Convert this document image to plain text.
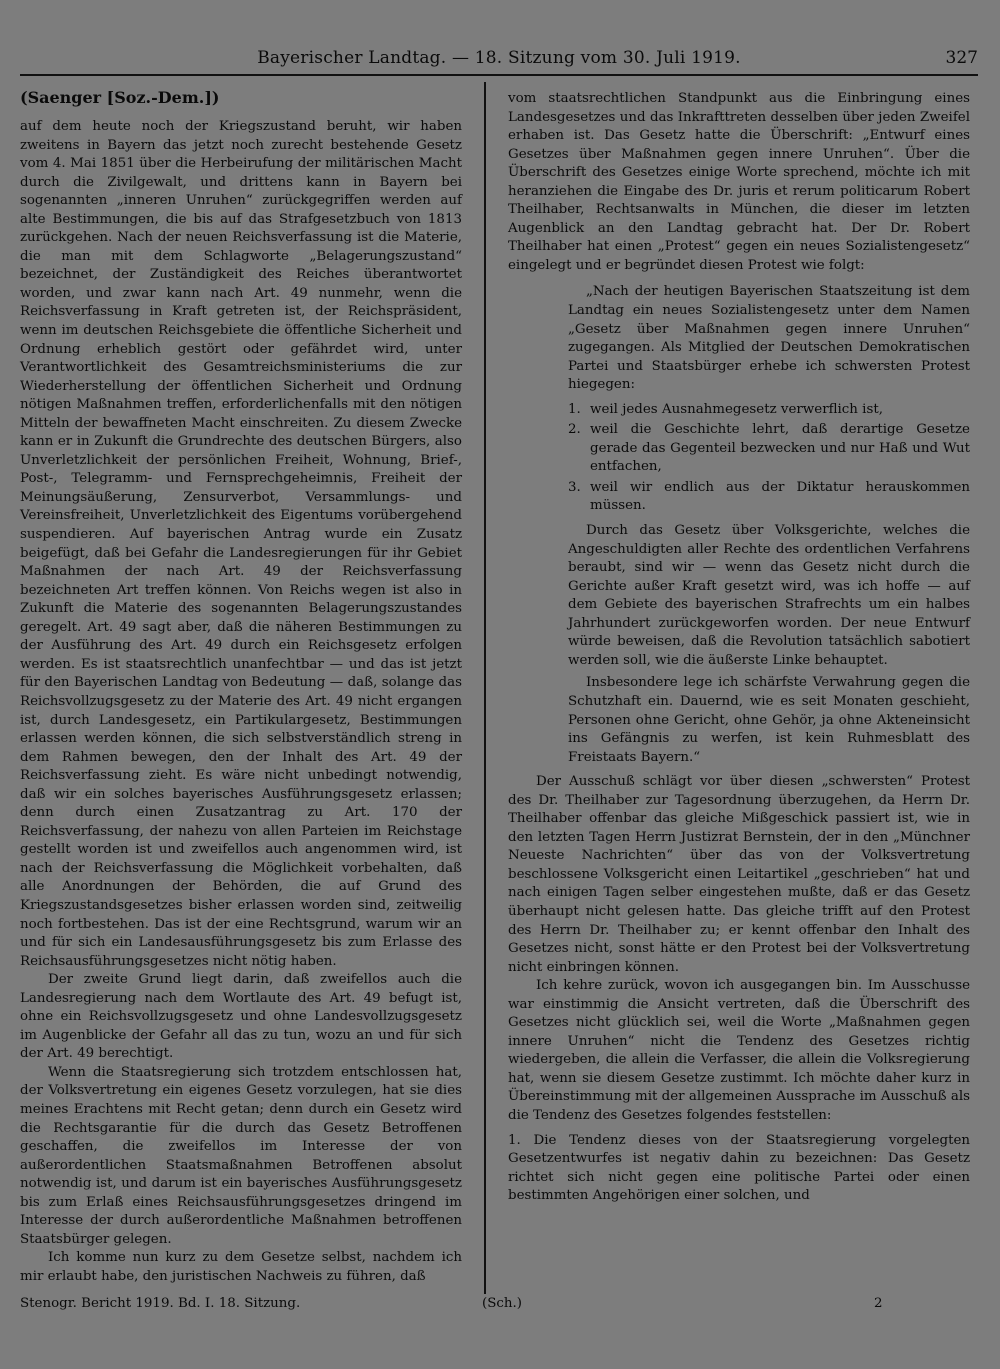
Bayerischer Landtag. — 18. Sitzung vom 30. Juli 1919.	327

(Saenger [Soz.-Dem.])

auf dem heute noch der Kriegszustand beruht, wir haben zweitens in Bayern das jetzt noch zurecht bestehende Gesetz vom 4. Mai 1851 über die Herbeirufung der militärischen Macht durch die Zivilgewalt, und drittens kann in Bayern bei sogenannten „inneren Unruhen“ zurückgegriffen werden auf alte Bestimmungen, die bis auf das Strafgesetzbuch von 1813 zurückgehen. Nach der neuen Reichsverfassung ist die Materie, die man mit dem Schlagworte „Belagerungszustand“ bezeichnet, der Zuständigkeit des Reiches überantwortet worden, und zwar kann nach Art. 49 nunmehr, wenn die Reichsverfassung in Kraft getreten ist, der Reichspräsident, wenn im deutschen Reichsgebiete die öffentliche Sicherheit und Ordnung erheblich gestört oder gefährdet wird, unter Verantwortlichkeit des Gesamtreichsministeriums die zur Wiederherstellung der öffentlichen Sicherheit und Ordnung nötigen Maßnahmen treffen, erforderlichenfalls mit den nötigen Mitteln der bewaffneten Macht einschreiten. Zu diesem Zwecke kann er in Zukunft die Grundrechte des deutschen Bürgers, also Unverletzlichkeit der persönlichen Freiheit, Wohnung, Brief-, Post-, Telegramm- und Fernsprechgeheimnis, Freiheit der Meinungsäußerung, Zensurverbot, Versammlungs- und Vereinsfreiheit, Unverletzlichkeit des Eigentums vorübergehend suspendieren. Auf bayerischen Antrag wurde ein Zusatz beigefügt, daß bei Gefahr die Landesregierungen für ihr Gebiet Maßnahmen der nach Art. 49 der Reichsverfassung bezeichneten Art treffen können. Von Reichs wegen ist also in Zukunft die Materie des sogenannten Belagerungszustandes geregelt. Art. 49 sagt aber, daß die näheren Bestimmungen zu der Ausführung des Art. 49 durch ein Reichsgesetz erfolgen werden. Es ist staatsrechtlich unanfechtbar — und das ist jetzt für den Bayerischen Landtag von Bedeutung — daß, solange das Reichsvollzugsgesetz zu der Materie des Art. 49 nicht ergangen ist, durch Landesgesetz, ein Partikulargesetz, Bestimmungen erlassen werden können, die sich selbstverständlich streng in dem Rahmen bewegen, den der Inhalt des Art. 49 der Reichsverfassung zieht. Es wäre nicht unbedingt notwendig, daß wir ein solches bayerisches Ausführungsgesetz erlassen; denn durch einen Zusatzantrag zu Art. 170 der Reichsverfassung, der nahezu von allen Parteien im Reichstage gestellt worden ist und zweifellos auch angenommen wird, ist nach der Reichsverfassung die Möglichkeit vorbehalten, daß alle Anordnungen der Behörden, die auf Grund des Kriegszustandsgesetzes bisher erlassen worden sind, zeitweilig noch fortbestehen. Das ist der eine Rechtsgrund, warum wir an und für sich ein Landesausführungsgesetz bis zum Erlasse des Reichsausführungsgesetzes nicht nötig haben.

Der zweite Grund liegt darin, daß zweifellos auch die Landesregierung nach dem Wortlaute des Art. 49 befugt ist, ohne ein Reichsvollzugsgesetz und ohne Landesvollzugsgesetz im Augenblicke der Gefahr all das zu tun, wozu an und für sich der Art. 49 berechtigt.

Wenn die Staatsregierung sich trotzdem entschlossen hat, der Volksvertretung ein eigenes Gesetz vorzulegen, hat sie dies meines Erachtens mit Recht getan; denn durch ein Gesetz wird die Rechtsgarantie für die durch das Gesetz Betroffenen geschaffen, die zweifellos im Interesse der von außerordentlichen Staatsmaßnahmen Betroffenen absolut notwendig ist, und darum ist ein bayerisches Ausführungsgesetz bis zum Erlaß eines Reichsausführungsgesetzes dringend im Interesse der durch außerordentliche Maßnahmen betroffenen Staatsbürger gelegen.

Ich komme nun kurz zu dem Gesetze selbst, nachdem ich mir erlaubt habe, den juristischen Nachweis zu führen, daß

vom staatsrechtlichen Standpunkt aus die Einbringung eines Landesgesetzes und das Inkrafttreten desselben über jeden Zweifel erhaben ist. Das Gesetz hatte die Überschrift: „Entwurf eines Gesetzes über Maßnahmen gegen innere Unruhen“. Über die Überschrift des Gesetzes einige Worte sprechend, möchte ich mit heranziehen die Eingabe des Dr. juris et rerum politicarum Robert Theilhaber, Rechtsanwalts in München, die dieser im letzten Augenblick an den Landtag gebracht hat. Der Dr. Robert Theilhaber hat einen „Protest“ gegen ein neues Sozialistengesetz“ eingelegt und er begründet diesen Protest wie folgt:

„Nach der heutigen Bayerischen Staatszeitung ist dem Landtag ein neues Sozialistengesetz unter dem Namen „Gesetz über Maßnahmen gegen innere Unruhen“ zugegangen. Als Mitglied der Deutschen Demokratischen Partei und Staatsbürger erhebe ich schwersten Protest hiegegen:

1. weil jedes Ausnahmegesetz verwerflich ist,

2. weil die Geschichte lehrt, daß derartige Gesetze gerade das Gegenteil bezwecken und nur Haß und Wut entfachen,

3. weil wir endlich aus der Diktatur herauskommen müssen.

Durch das Gesetz über Volksgerichte, welches die Angeschuldigten aller Rechte des ordentlichen Verfahrens beraubt, sind wir — wenn das Gesetz nicht durch die Gerichte außer Kraft gesetzt wird, was ich hoffe — auf dem Gebiete des bayerischen Strafrechts um ein halbes Jahrhundert zurückgeworfen worden. Der neue Entwurf würde beweisen, daß die Revolution tatsächlich sabotiert werden soll, wie die äußerste Linke behauptet.

Insbesondere lege ich schärfste Verwahrung gegen die Schutzhaft ein. Dauernd, wie es seit Monaten geschieht, Personen ohne Gericht, ohne Gehör, ja ohne Akteneinsicht ins Gefängnis zu werfen, ist kein Ruhmesblatt des Freistaats Bayern.“

Der Ausschuß schlägt vor über diesen „schwersten“ Protest des Dr. Theilhaber zur Tagesordnung überzugehen, da Herrn Dr. Theilhaber offenbar das gleiche Mißgeschick passiert ist, wie in den letzten Tagen Herrn Justizrat Bernstein, der in den „Münchner Neueste Nachrichten“ über das von der Volksvertretung beschlossene Volksgericht einen Leitartikel „geschrieben“ hat und nach einigen Tagen selber eingestehen mußte, daß er das Gesetz überhaupt nicht gelesen hatte. Das gleiche trifft auf den Protest des Herrn Dr. Theilhaber zu; er kennt offenbar den Inhalt des Gesetzes nicht, sonst hätte er den Protest bei der Volksvertretung nicht einbringen können.

Ich kehre zurück, wovon ich ausgegangen bin. Im Ausschusse war einstimmig die Ansicht vertreten, daß die Überschrift des Gesetzes nicht glücklich sei, weil die Worte „Maßnahmen gegen innere Unruhen“ nicht die Tendenz des Gesetzes richtig wiedergeben, die allein die Verfasser, die allein die Volksregierung hat, wenn sie diesem Gesetze zustimmt. Ich möchte daher kurz in Übereinstimmung mit der allgemeinen Aussprache im Ausschuß als die Tendenz des Gesetzes folgendes feststellen:

1. Die Tendenz dieses von der Staatsregierung vorgelegten Gesetzentwurfes ist negativ dahin zu bezeichnen: Das Gesetz richtet sich nicht gegen eine politische Partei oder einen bestimmten Angehörigen einer solchen, und

Stenogr. Bericht 1919. Bd. I. 18. Sitzung.	(Sch.)	2
